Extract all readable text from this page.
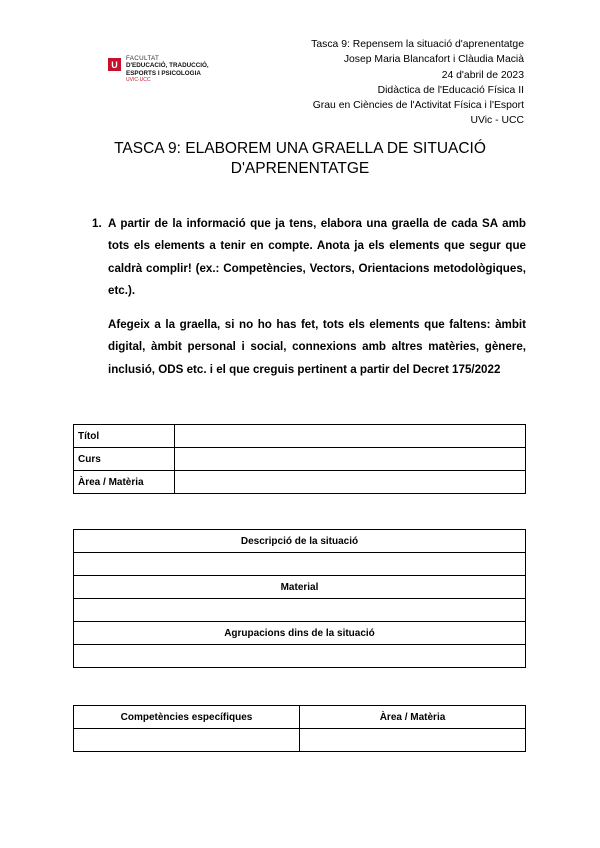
U
FACULTAT
D'EDUCACIÓ, TRADUCCIÓ,
ESPORTS I PSICOLOGIA
UVIC·UCC
Tasca 9: Repensem la situació d'aprenentatge
Josep Maria Blancafort i Clàudia Macià
24 d'abril de 2023
Didàctica de l'Educació Física II
Grau en Ciències de l'Activitat Física i l'Esport
UVic - UCC
TASCA 9: ELABOREM UNA GRAELLA DE SITUACIÓ
D'APRENENTATGE
1. A partir de la informació que ja tens, elabora una graella de cada SA amb tots els elements a tenir en compte. Anota ja els elements que segur que caldrà complir! (ex.: Competències, Vectors, Orientacions metodològiques, etc.).

Afegeix a la graella, si no ho has fet, tots els elements que faltens: àmbit digital, àmbit personal i social, connexions amb altres matèries, gènere, inclusió, ODS etc. i el que creguis pertinent a partir del Decret 175/2022

Títol	
Curs	
Àrea / Matèria	
Descripció de la situació

Material

Agrupacions dins de la situació

Competències específiques	Àrea / Matèria
